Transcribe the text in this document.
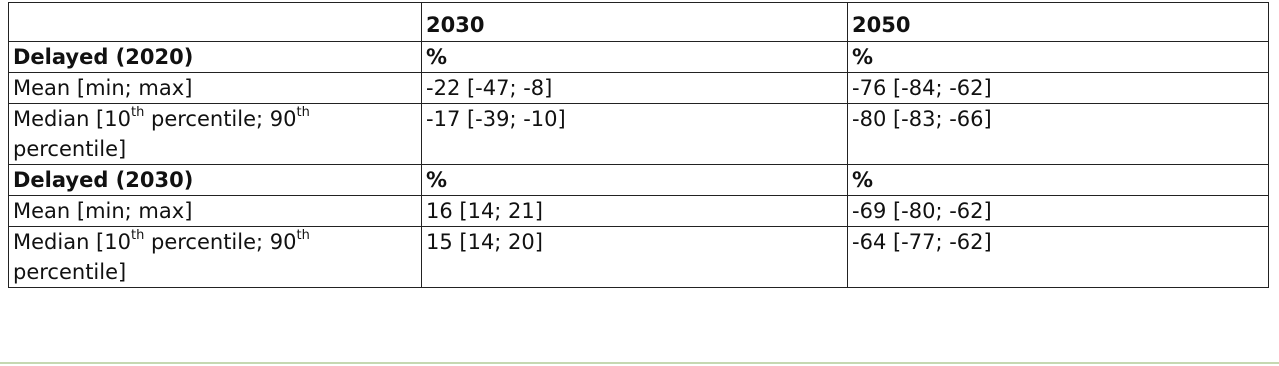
	2030	2050
Delayed (2020)	%	%
Mean [min; max]	-22 [-47; -8]	-76 [-84; -62]
Median [10th percentile; 90th percentile]	-17 [-39; -10]	-80 [-83; -66]
Delayed (2030)	%	%
Mean [min; max]	16 [14; 21]	-69 [-80; -62]
Median [10th percentile; 90th percentile]	15 [14; 20]	-64 [-77; -62]
